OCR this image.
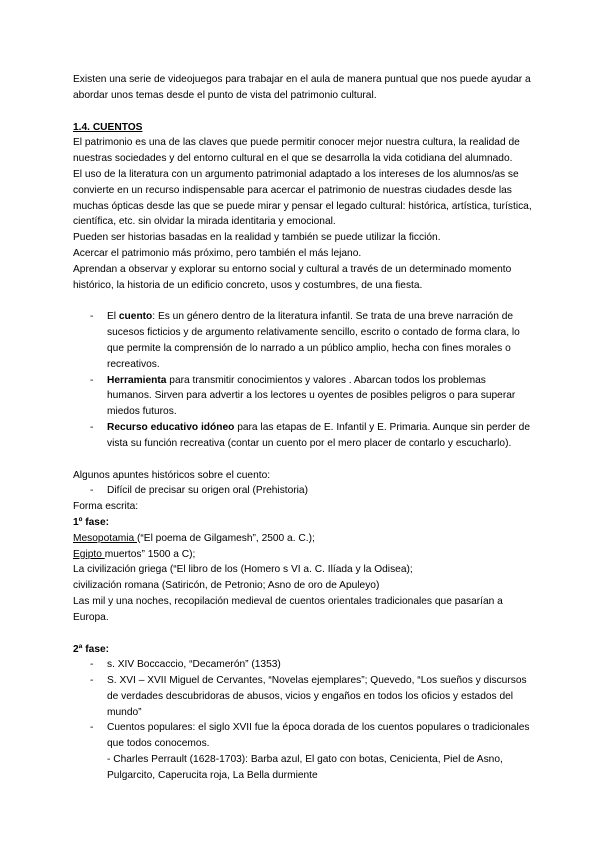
Existen una serie de videojuegos para trabajar en el aula de manera puntual que nos puede ayudar a abordar unos temas desde el punto de vista del patrimonio cultural.

1.4. CUENTOS

El patrimonio es una de las claves que puede permitir conocer mejor nuestra cultura, la realidad de nuestras sociedades y del entorno cultural en el que se desarrolla la vida cotidiana del alumnado.

El uso de la literatura con un argumento patrimonial adaptado a los intereses de los alumnos/as se convierte en un recurso indispensable para acercar el patrimonio de nuestras ciudades desde las muchas ópticas desde las que se puede mirar y pensar el legado cultural: histórica, artística, turística, científica, etc. sin olvidar la mirada identitaria y emocional.

Pueden ser historias basadas en la realidad y también se puede utilizar la ficción.

Acercar el patrimonio más próximo, pero también el más lejano.

Aprendan a observar y explorar su entorno social y cultural a través de un determinado momento histórico, la historia de un edificio concreto, usos y costumbres, de una fiesta.

- El cuento: Es un género dentro de la literatura infantil. Se trata de una breve narración de sucesos ficticios y de argumento relativamente sencillo, escrito o contado de forma clara, lo que permite la comprensión de lo narrado a un público amplio, hecha con fines morales o recreativos.
- Herramienta para transmitir conocimientos y valores . Abarcan todos los problemas humanos. Sirven para advertir a los lectores u oyentes de posibles peligros o para superar miedos futuros.
- Recurso educativo idóneo para las etapas de E. Infantil y E. Primaria. Aunque sin perder de vista su función recreativa (contar un cuento por el mero placer de contarlo y escucharlo).

Algunos apuntes históricos sobre el cuento:

- Difícil de precisar su origen oral (Prehistoria)

Forma escrita:

1º fase:

Mesopotamia (“El poema de Gilgamesh”, 2500 a. C.);

Egipto muertos” 1500 a C);

La civilización griega (“El libro de los (Homero s VI a. C. Ilíada y la Odisea);

civilización romana (Satiricón, de Petronio; Asno de oro de Apuleyo)

Las mil y una noches, recopilación medieval de cuentos orientales tradicionales que pasarían a Europa.

2ª fase:

- s. XIV Boccaccio, “Decamerón” (1353)
- S. XVI – XVII Miguel de Cervantes, “Novelas ejemplares”; Quevedo, “Los sueños y discursos de verdades descubridoras de abusos, vicios y engaños en todos los oficios y estados del mundo”
- Cuentos populares: el siglo XVII fue la época dorada de los cuentos populares o tradicionales que todos conocemos.
- Charles Perrault (1628-1703): Barba azul, El gato con botas, Cenicienta, Piel de Asno, Pulgarcito, Caperucita roja, La Bella durmiente
